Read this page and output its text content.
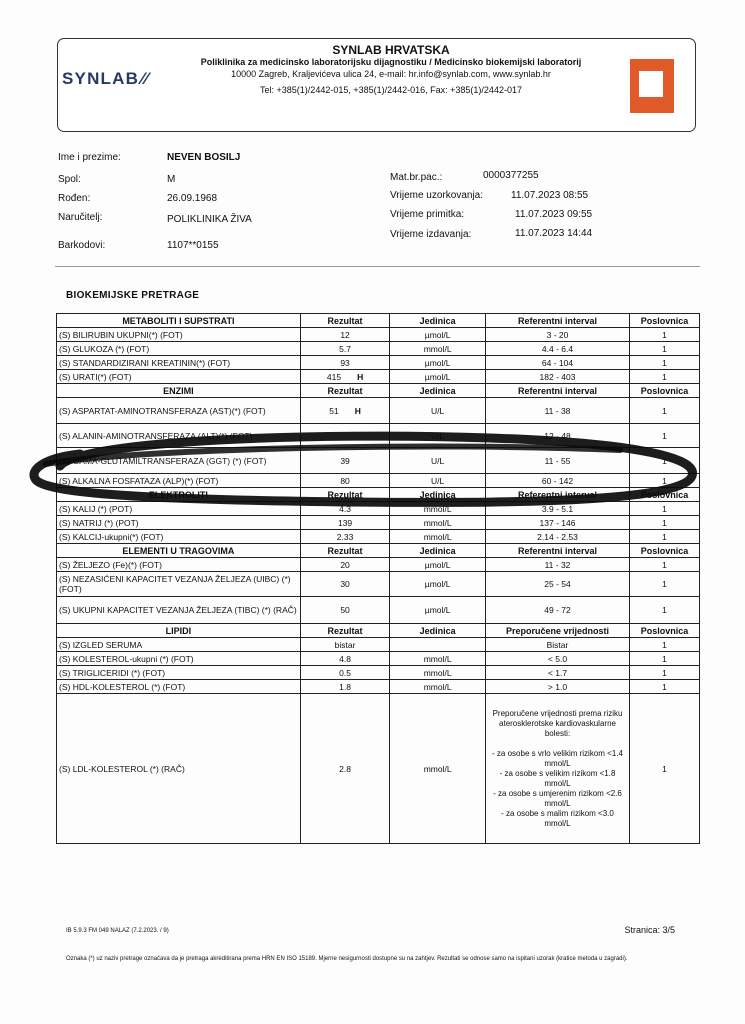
SYNLAB ⁄⁄
SYNLAB HRVATSKA
Poliklinika za medicinsko laboratorijsku dijagnostiku / Medicinsko biokemijski laboratorij
10000 Zagreb, Kraljevićeva ulica 24, e-mail: hr.info@synlab.com, www.synlab.hr
Tel: +385(1)/2442-015, +385(1)/2442-016, Fax: +385(1)/2442-017
Ime i prezime:	NEVEN BOSILJ
Spol:	M
Rođen:	26.09.1968
Naručitelj:	POLIKLINIKA ŽIVA
Barkodovi:	1107**0155
Mat.br.pac.:	0000377255
Vrijeme uzorkovanja:	11.07.2023 08:55
Vrijeme primitka:	11.07.2023 09:55
Vrijeme izdavanja:	11.07.2023 14:44
BIOKEMIJSKE PRETRAGE
METABOLITI I SUPSTRATI	Rezultat	Jedinica	Referentni interval	Poslovnica
(S) BILIRUBIN UKUPNI(*) (FOT)	12	µmol/L	3 - 20	1
(S) GLUKOZA (*) (FOT)	5.7	mmol/L	4.4 - 6.4	1
(S) STANDARDIZIRANI KREATININ(*) (FOT)	93	µmol/L	64 - 104	1
(S) URATI(*) (FOT)	415 H	µmol/L	182 - 403	1
ENZIMI	Rezultat	Jedinica	Referentni interval	Poslovnica
(S) ASPARTAT-AMINOTRANSFERAZA (AST)(*) (FOT)	51 H	U/L	11 - 38	1
(S) ALANIN-AMINOTRANSFERAZA (ALT)(*) (FOT)		U/L	12 - 48	1
(S) GAMA-GLUTAMILTRANSFERAZA (GGT) (*) (FOT)	39	U/L	11 - 55	1
(S) ALKALNA FOSFATAZA (ALP)(*) (FOT)	80	U/L	60 - 142	1
ELEKTROLITI	Rezultat	Jedinica	Referentni interval	Poslovnica
(S) KALIJ (*) (POT)	4.3	mmol/L	3.9 - 5.1	1
(S) NATRIJ (*) (POT)	139	mmol/L	137 - 146	1
(S) KALCIJ-ukupni(*) (FOT)	2.33	mmol/L	2.14 - 2.53	1
ELEMENTI U TRAGOVIMA	Rezultat	Jedinica	Referentni interval	Poslovnica
(S) ŽELJEZO (Fe)(*) (FOT)	20	µmol/L	11 - 32	1
(S) NEZASIĆENI KAPACITET VEZANJA ŽELJEZA (UIBC) (*) (FOT)	30	µmol/L	25 - 54	1
(S) UKUPNI KAPACITET VEZANJA ŽELJEZA (TIBC) (*) (RAČ)	50	µmol/L	49 - 72	1
LIPIDI	Rezultat	Jedinica	Preporučene vrijednosti	Poslovnica
(S) IZGLED SERUMA	bistar		Bistar	1
(S) KOLESTEROL-ukupni (*) (FOT)	4.8	mmol/L	< 5.0	1
(S) TRIGLICERIDI (*) (FOT)	0.5	mmol/L	< 1.7	1
(S) HDL-KOLESTEROL (*) (FOT)	1.8	mmol/L	> 1.0	1
(S) LDL-KOLESTEROL (*) (RAČ)	2.8	mmol/L	Preporučene vrijednosti prema riziku aterosklerotske kardiovaskularne bolesti:

- za osobe s vrlo velikim rizikom <1.4 mmol/L
- za osobe s velikim rizikom <1.8 mmol/L
- za osobe s umjerenim rizikom <2.6 mmol/L
- za osobe s malim rizikom <3.0 mmol/L	1
IB 5.9.3 FM 049 NALAZ (7.2.2023. / 9)	Stranica: 3/5
Oznaka (*) uz naziv pretrage označava da je pretraga akreditirana prema HRN EN ISO 15189. Mjerne nesigurnosti dostupne su na zahtjev. Rezultati se odnose samo na ispitani uzorak (kratice metoda u zagradi).
